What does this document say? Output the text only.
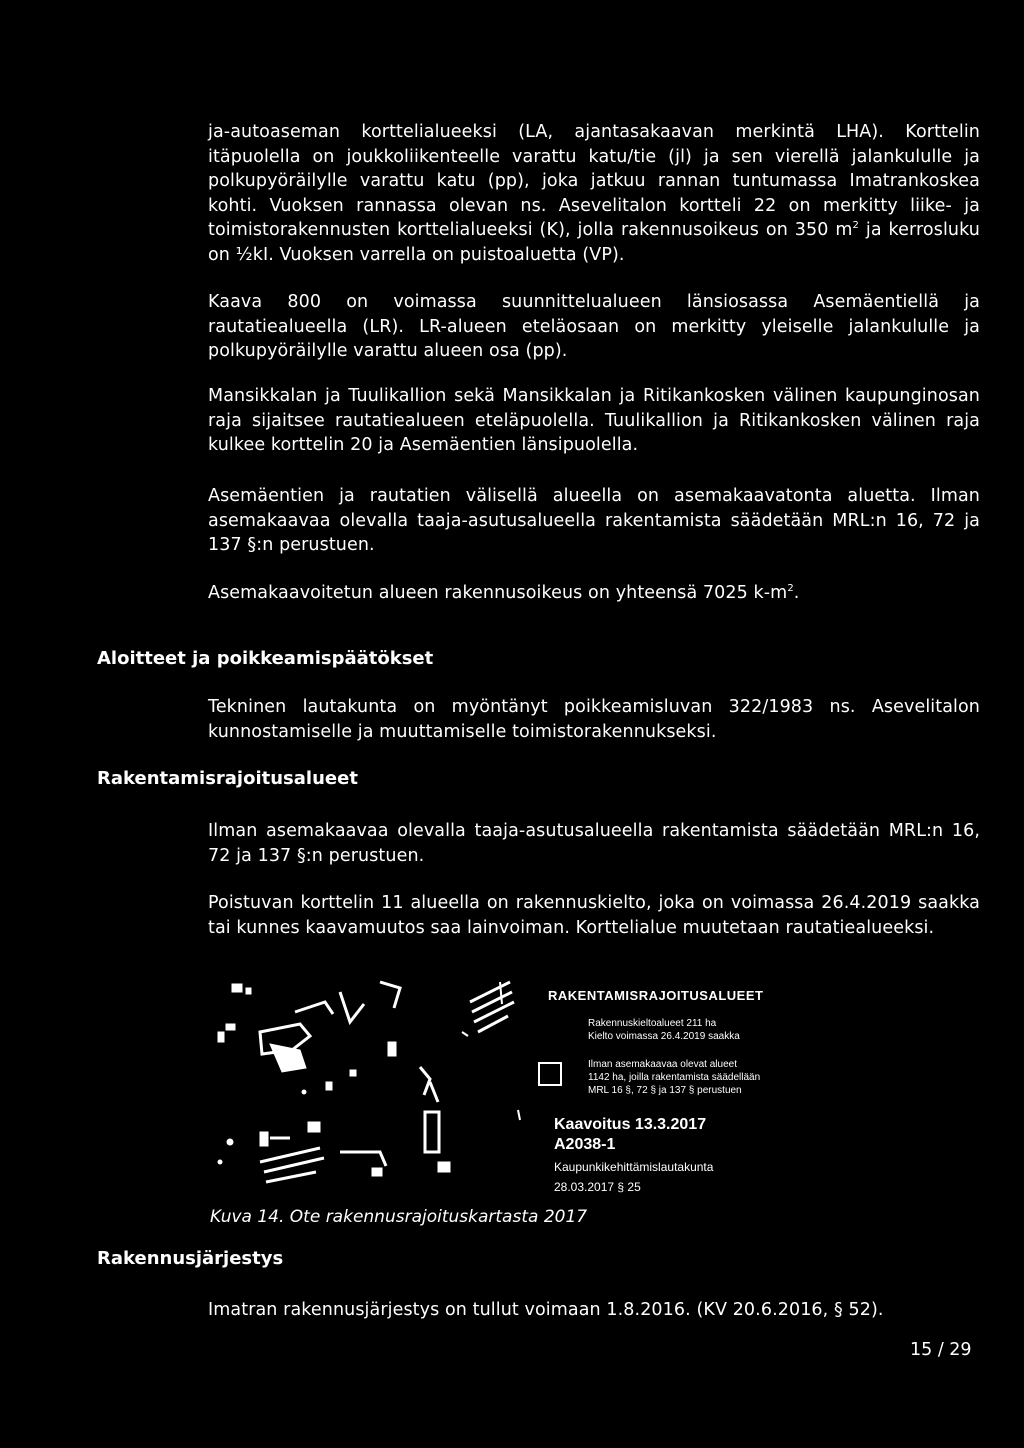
ja-autoaseman korttelialueeksi (LA, ajantasakaavan merkintä LHA). Korttelin itäpuolella on joukkoliikenteelle varattu katu/tie (jl) ja sen vierellä jalankululle ja polkupyöräilylle varattu katu (pp), joka jatkuu rannan tuntumassa Imatrankoskea kohti. Vuoksen rannassa olevan ns. Asevelitalon kortteli 22 on merkitty liike- ja toimistorakennusten korttelialueeksi (K), jolla rakennusoikeus on 350 $m^2$ ja kerrosluku on ½kI. Vuoksen varrella on puistoaluetta (VP).

Kaava 800 on voimassa suunnittelualueen länsiosassa Asemäentiellä ja rautatiealueella (LR). LR-alueen eteläosaan on merkitty yleiselle jalankululle ja polkupyöräilylle varattu alueen osa (pp).

Mansikkalan ja Tuulikallion sekä Mansikkalan ja Ritikankosken välinen kaupunginosan raja sijaitsee rautatiealueen eteläpuolella. Tuulikallion ja Ritikankosken välinen raja kulkee korttelin 20 ja Asemäentien länsipuolella.

Asemäentien ja rautatien välisellä alueella on asemakaavatonta aluetta. Ilman asemakaavaa olevalla taaja-asutusalueella rakentamista säädetään MRL:n 16, 72 ja 137 §:n perustuen.

Asemakaavoitetun alueen rakennusoikeus on yhteensä 7025 $k-m^2$.

Aloitteet ja poikkeamispäätökset

Tekninen lautakunta on myöntänyt poikkeamisluvan 322/1983 ns. Asevelitalon kunnostamiselle ja muuttamiselle toimistorakennukseksi.

Rakentamisrajoitusalueet

Ilman asemakaavaa olevalla taaja-asutusalueella rakentamista säädetään MRL:n 16, 72 ja 137 §:n perustuen.

Poistuvan korttelin 11 alueella on rakennuskielto, joka on voimassa 26.4.2019 saakka tai kunnes kaavamuutos saa lainvoiman. Korttelialue muutetaan rautatiealueeksi.

RAKENTAMISRAJOITUSALUEET
Rakennuskieltoalueet 211 ha
Kielto voimassa 26.4.2019 saakka
Ilman asemakaavaa olevat alueet
1142 ha, joilla rakentamista säädellään
MRL 16 §, 72 § ja 137 § perustuen
Kaavoitus 13.3.2017
A2038-1
Kaupunkikehittämislautakunta
28.03.2017 § 25

Kuva 14. Ote rakennusrajoituskartasta 2017

Rakennusjärjestys

Imatran rakennusjärjestys on tullut voimaan 1.8.2016. (KV 20.6.2016, § 52).

15 / 29
